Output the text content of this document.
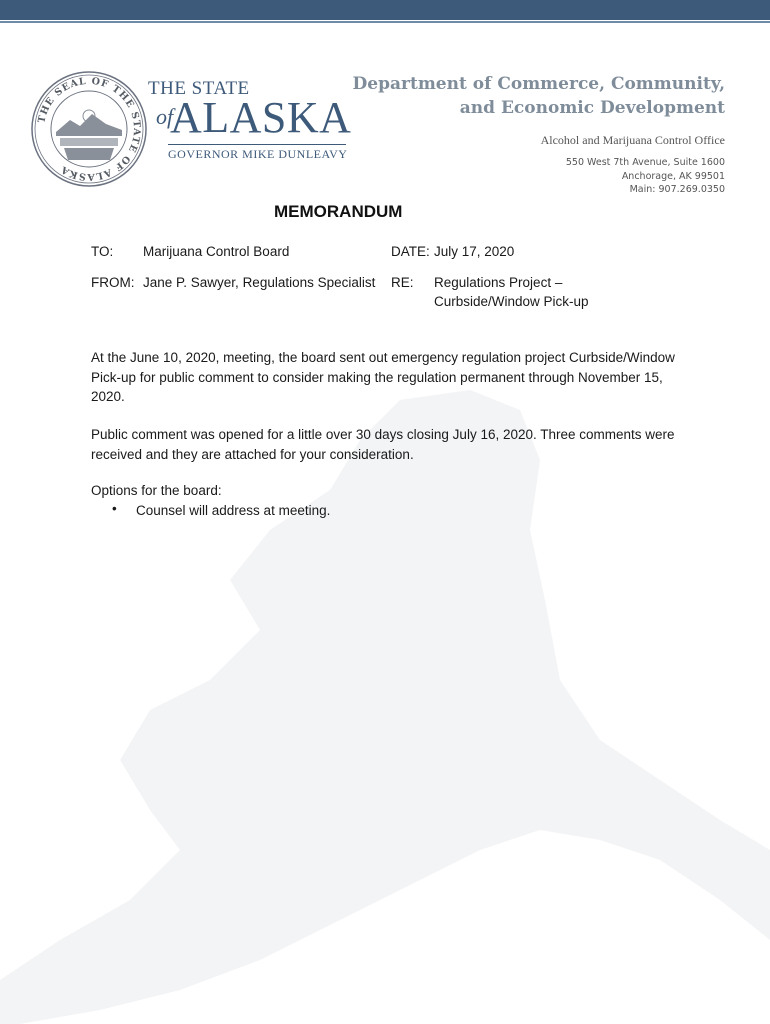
THE SEAL OF THE STATE OF ALASKA
THE STATE
of
ALASKA
GOVERNOR MIKE DUNLEAVY
Department of Commerce, Community,
and Economic Development
Alcohol and Marijuana Control Office
550 West 7th Avenue, Suite 1600
Anchorage, AK 99501
Main: 907.269.0350
MEMORANDUM
TO: Marijuana Control Board	DATE: July 17, 2020
FROM: Jane P. Sawyer, Regulations Specialist RE: Regulations Project –
Curbside/Window Pick-up
At the June 10, 2020, meeting, the board sent out emergency regulation project Curbside/Window Pick-up for public comment to consider making the regulation permanent through November 15, 2020.
Public comment was opened for a little over 30 days closing July 16, 2020. Three comments were received and they are attached for your consideration.
Options for the board:
• Counsel will address at meeting.
